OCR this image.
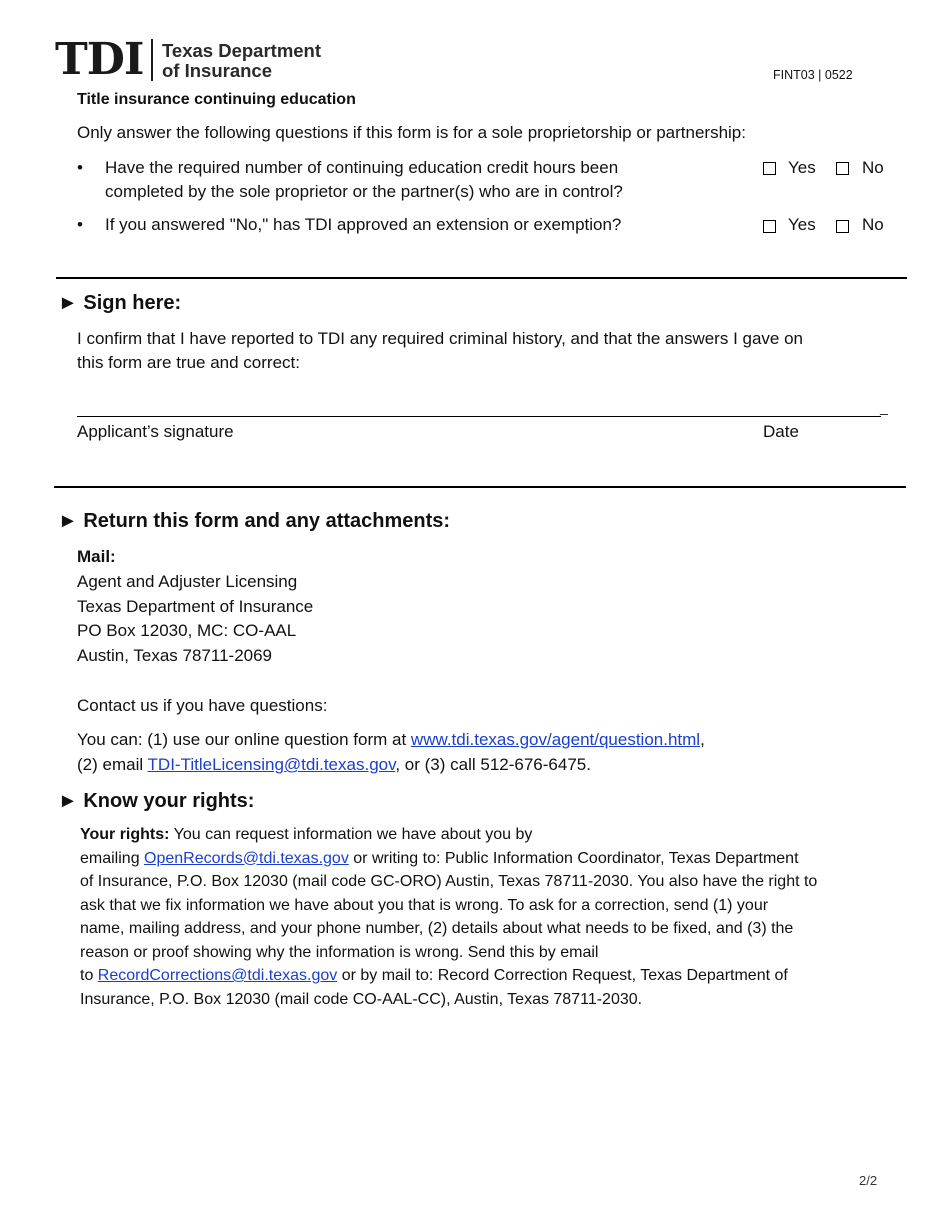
TDI Texas Department
of Insurance	FINT03 | 0522
Title insurance continuing education
Only answer the following questions if this form is for a sole proprietorship or partnership:
• Have the required number of continuing education credit hours been
completed by the sole proprietor or the partner(s) who are in control?
Yes	No
• If you answered "No," has TDI approved an extension or exemption?	Yes	No
► Sign here:
I confirm that I have reported to TDI any required criminal history, and that the answers I gave on
this form are true and correct:
_
Applicant’s signature	Date
► Return this form and any attachments:
Mail:
Agent and Adjuster Licensing
Texas Department of Insurance
PO Box 12030, MC: CO-AAL
Austin, Texas 78711-2069
Contact us if you have questions:
You can: (1) use our online question form at www.tdi.texas.gov/agent/question.html,
(2) email TDI-TitleLicensing@tdi.texas.gov, or (3) call 512-676-6475.
► Know your rights:
Your rights: You can request information we have about you by
emailing OpenRecords@tdi.texas.gov or writing to: Public Information Coordinator, Texas Department
of Insurance, P.O. Box 12030 (mail code GC-ORO) Austin, Texas 78711-2030. You also have the right to
ask that we fix information we have about you that is wrong. To ask for a correction, send (1) your
name, mailing address, and your phone number, (2) details about what needs to be fixed, and (3) the
reason or proof showing why the information is wrong. Send this by email
to RecordCorrections@tdi.texas.gov or by mail to: Record Correction Request, Texas Department of
Insurance, P.O. Box 12030 (mail code CO-AAL-CC), Austin, Texas 78711-2030.
2/2
